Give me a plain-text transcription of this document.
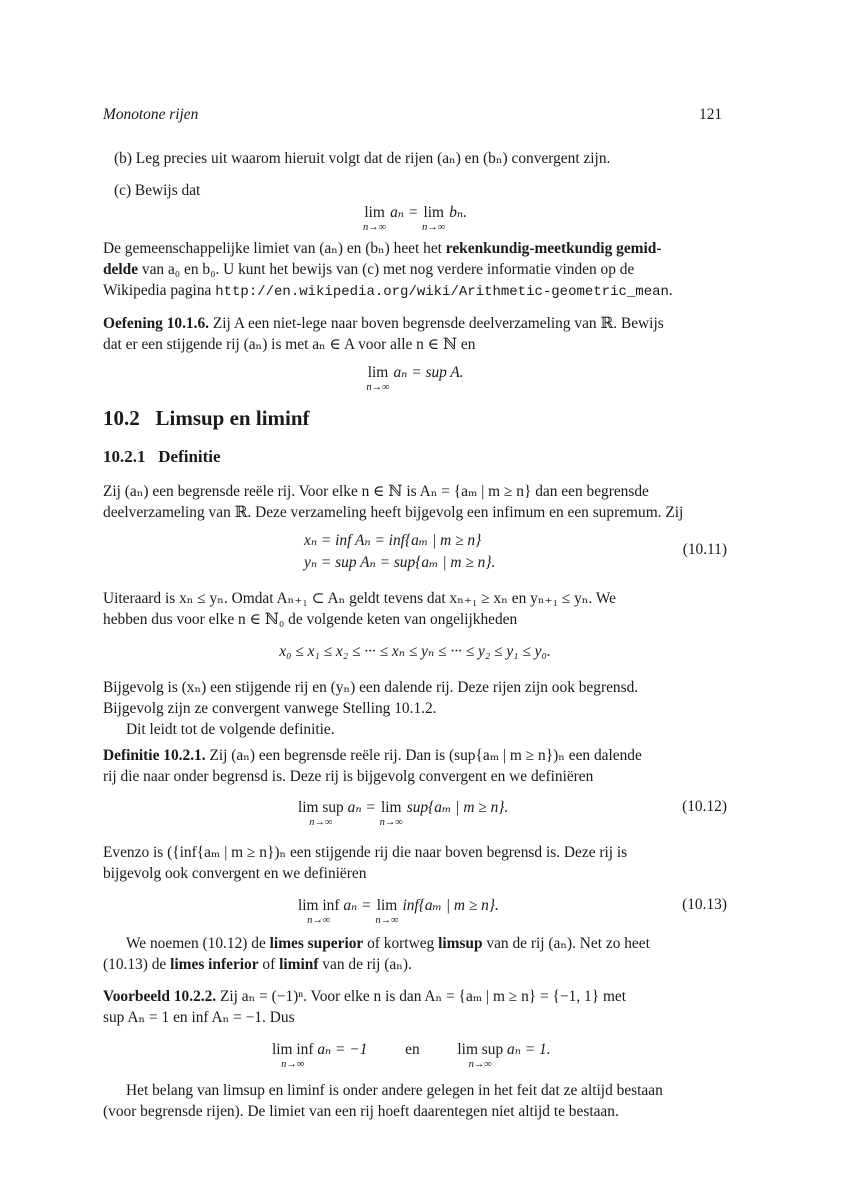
Monotone rijen	121
(b) Leg precies uit waarom hieruit volgt dat de rijen (aₙ) en (bₙ) convergent zijn.
(c) Bewijs dat
lim
n→∞
aₙ = lim
n→∞
bₙ.
De gemeenschappelijke limiet van (aₙ) en (bₙ) heet het rekenkundig-meetkundig gemid-
delde van a₀ en b₀. U kunt het bewijs van (c) met nog verdere informatie vinden op de
Wikipedia pagina http://en.wikipedia.org/wiki/Arithmetic-geometric_mean.
Oefening 10.1.6. Zij A een niet-lege naar boven begrensde deelverzameling van ℝ. Bewijs
dat er een stijgende rij (aₙ) is met aₙ ∈ A voor alle n ∈ ℕ en
lim
n→∞
aₙ = sup A.
10.2 Limsup en liminf
10.2.1 Definitie
Zij (aₙ) een begrensde reële rij. Voor elke n ∈ ℕ is Aₙ = {aₘ | m ≥ n} dan een begrensde
deelverzameling van ℝ. Deze verzameling heeft bijgevolg een infimum en een supremum. Zij
xₙ = inf Aₙ = inf{aₘ | m ≥ n}
yₙ = sup Aₙ = sup{aₘ | m ≥ n}.
(10.11)
Uiteraard is xₙ ≤ yₙ. Omdat Aₙ₊₁ ⊂ Aₙ geldt tevens dat xₙ₊₁ ≥ xₙ en yₙ₊₁ ≤ yₙ. We
hebben dus voor elke n ∈ ℕ₀ de volgende keten van ongelijkheden
x₀ ≤ x₁ ≤ x₂ ≤ ··· ≤ xₙ ≤ yₙ ≤ ··· ≤ y₂ ≤ y₁ ≤ y₀.
Bijgevolg is (xₙ) een stijgende rij en (yₙ) een dalende rij. Deze rijen zijn ook begrensd.
Bijgevolg zijn ze convergent vanwege Stelling 10.1.2.
Dit leidt tot de volgende definitie.
Definitie 10.2.1. Zij (aₙ) een begrensde reële rij. Dan is (sup{aₘ | m ≥ n})ₙ een dalende
rij die naar onder begrensd is. Deze rij is bijgevolg convergent en we definiëren
lim sup
n→∞
aₙ = lim
n→∞
sup{aₘ | m ≥ n}.	(10.12)
Evenzo is ({inf{aₘ | m ≥ n})ₙ een stijgende rij die naar boven begrensd is. Deze rij is
bijgevolg ook convergent en we definiëren
lim inf
n→∞
aₙ = lim
n→∞
inf{aₘ | m ≥ n}.	(10.13)
We noemen (10.12) de limes superior of kortweg limsup van de rij (aₙ). Net zo heet
(10.13) de limes inferior of liminf van de rij (aₙ).
Voorbeeld 10.2.2. Zij aₙ = (−1)ⁿ. Voor elke n is dan Aₙ = {aₘ | m ≥ n} = {−1, 1} met
sup Aₙ = 1 en inf Aₙ = −1. Dus
lim inf
n→∞
aₙ = −1 en lim sup
n→∞
aₙ = 1.
Het belang van limsup en liminf is onder andere gelegen in het feit dat ze altijd bestaan
(voor begrensde rijen). De limiet van een rij hoeft daarentegen niet altijd te bestaan.
